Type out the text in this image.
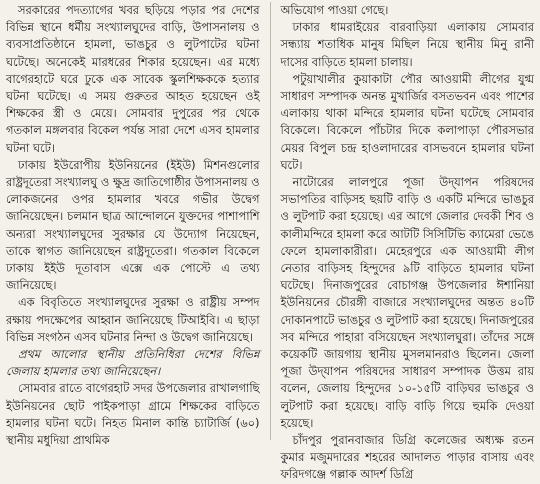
সরকারের পদত্যাগের খবর ছড়িয়ে পড়ার পর দেশের বিভিন্ন স্থানে ধর্মীয় সংখ্যালঘুদের বাড়ি, উপাসনালয় ও ব্যবসাপ্রতিষ্ঠানে হামলা, ভাঙচুর ও লুটপাটের ঘটনা ঘটেছে। অনেকেই মারধরের শিকার হয়েছেন। এর মধ্যে বাগেরহাটে ঘরে ঢুকে এক সাবেক স্কুলশিক্ষককে হত্যার ঘটনা ঘটেছে। এ সময় গুরুতর আহত হয়েছেন ওই শিক্ষকের স্ত্রী ও মেয়ে। সোমবার দুপুরের পর থেকে গতকাল মঙ্গলবার বিকেল পর্যন্ত সারা দেশে এসব হামলার ঘটনা ঘটে।

ঢাকায় ইউরোপীয় ইউনিয়নের (ইইউ) মিশনগুলোর রাষ্ট্রদূতেরা সংখ্যালঘু ও ক্ষুদ্র জাতিগোষ্ঠীর উপাসনালয় ও লোকজনের ওপর হামলার খবরে গভীর উদ্বেগ জানিয়েছেন। চলমান ছাত্র আন্দোলনে যুক্তদের পাশাপাশি অন্যরা সংখ্যালঘুদের সুরক্ষার যে উদ্যোগ নিয়েছেন, তাকে স্বাগত জানিয়েছেন রাষ্ট্রদূতেরা। গতকাল বিকেলে ঢাকায় ইইউ দূতাবাস এক্সে এক পোস্টে এ তথ্য জানিয়েছে।

এক বিবৃতিতে সংখ্যালঘুদের সুরক্ষা ও রাষ্ট্রীয় সম্পদ রক্ষায় পদক্ষেপের আহ্বান জানিয়েছে টিআইবি। এ ছাড়া বিভিন্ন সংগঠন এসব ঘটনার নিন্দা ও উদ্বেগ জানিয়েছে।

প্রথম আলোর স্থানীয় প্রতিনিধিরা দেশের বিভিন্ন জেলায় হামলার তথ্য জানিয়েছেন।

সোমবার রাতে বাগেরহাট সদর উপজেলার রাখালগাছি ইউনিয়নের ছোট পাইকপাড়া গ্রামে শিক্ষকের বাড়িতে হামলার ঘটনা ঘটে। নিহত মিনাল কান্তি চ্যাটার্জি (৬০) স্থানীয় মধুদিয়া প্রাথমিক

অভিযোগ পাওয়া গেছে।

ঢাকার ধামরাইয়ের বারবাড়িয়া এলাকায় সোমবার সন্ধ্যায় শতাধিক মানুষ মিছিল নিয়ে স্থানীয় মিনু রানী দাসের বাড়িতে হামলা চালায়।

পটুয়াখালীর কুয়াকাটা পৌর আওয়ামী লীগের যুগ্ম সাধারণ সম্পাদক অনন্ত মুখার্জির বসতভবন এবং পাশের এলাকায় থাকা মন্দিরে হামলার ঘটনা ঘটেছে সোমবার বিকেলে। বিকেলে পাঁচটার দিকে কলাপাড়া পৌরসভার মেয়র বিপুল চন্দ্র হাওলাদারের বাসভবনে হামলার ঘটনা ঘটে।

নাটোরের লালপুরে পূজা উদ্‌যাপন পরিষদের সভাপতির বাড়িসহ ছয়টি বাড়ি ও একটি মন্দিরে ভাঙচুর ও লুটপাট করা হয়েছে। এর আগে জেলার দেবকী শিব ও কালীমন্দিরে হামলা করে আটটি সিসিটিভি ক্যামেরা ভেঙে ফেলে হামলাকারীরা। মেহেরপুরে এক আওয়ামী লীগ নেতার বাড়িসহ হিন্দুদের ৯টি বাড়িতে হামলার ঘটনা ঘটেছে। দিনাজপুরের বোচাগঞ্জ উপজেলার ঈশানিয়া ইউনিয়নের চৌরঙ্গী বাজারে সংখ্যালঘুদের অন্তত ৪০টি দোকানপাটে ভাঙচুর ও লুটপাট করা হয়েছে। দিনাজপুরের সব মন্দিরে পাহারা বসিয়েছেন সংখ্যালঘুরা। তাঁদের সঙ্গে কয়েকটি জায়গায় স্থানীয় মুসলমানরাও ছিলেন। জেলা পূজা উদ্‌যাপন পরিষদের সাধারণ সম্পাদক উত্তম রায় বলেন, জেলায় হিন্দুদের ১০-১৫টি বাড়িঘর ভাঙচুর ও লুটপাট করা হয়েছে। বাড়ি বাড়ি গিয়ে হুমকি দেওয়া হয়েছে।

চাঁদপুর পুরানবাজার ডিগ্রি কলেজের অধ্যক্ষ রতন কুমার মজুমদারের শহরের আদালত পাড়ার বাসায় এবং ফরিদগঞ্জে গল্লাক আদর্শ ডিগ্রি
